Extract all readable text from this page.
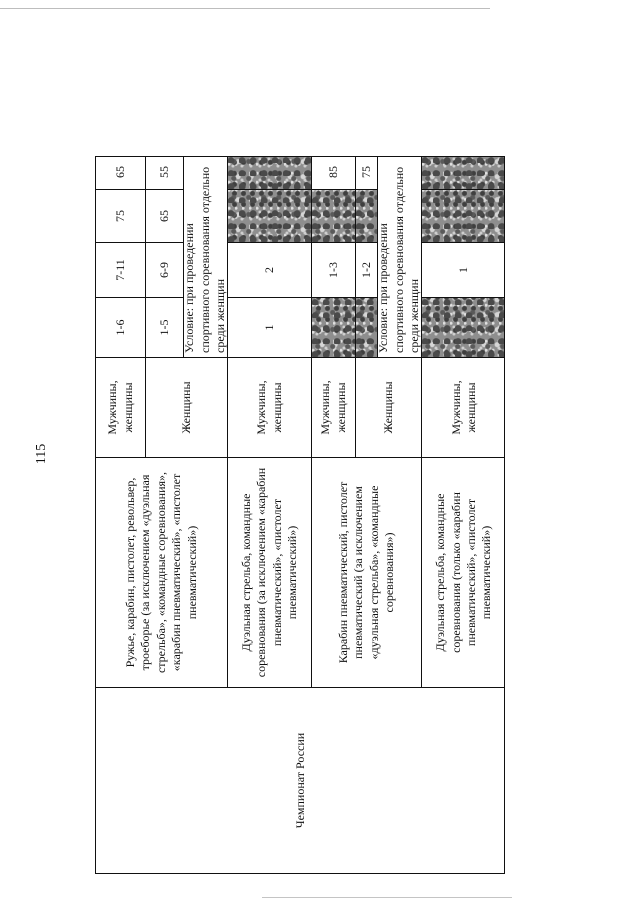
115
Чемпионат России
Ружье, карабин, пистолет, револьвер, троеборье (за исключением «дуэльная стрельба», «командные соревнования», «карабин пневматический», «пистолет пневматический»)
Мужчины, женщины
1-6
7-11
75
65
Женщины
1-5
6-9
65
55
Условие: при проведении спортивного соревнования отдельно среди женщин
Дуэльная стрельба, командные соревнования (за исключением «карабин пневматический», «пистолет пневматический»)
Мужчины, женщины
1
2
Карабин пневматический, пистолет пневматический (за исключением «дуэльная стрельба», «командные соревнования»)
Мужчины, женщины
1-3
85
Женщины
1-2
75
Условие: при проведении спортивного соревнования отдельно среди женщин
Дуэльная стрельба, командные соревнования (только «карабин пневматический», «пистолет пневматический»)
Мужчины, женщины
1
